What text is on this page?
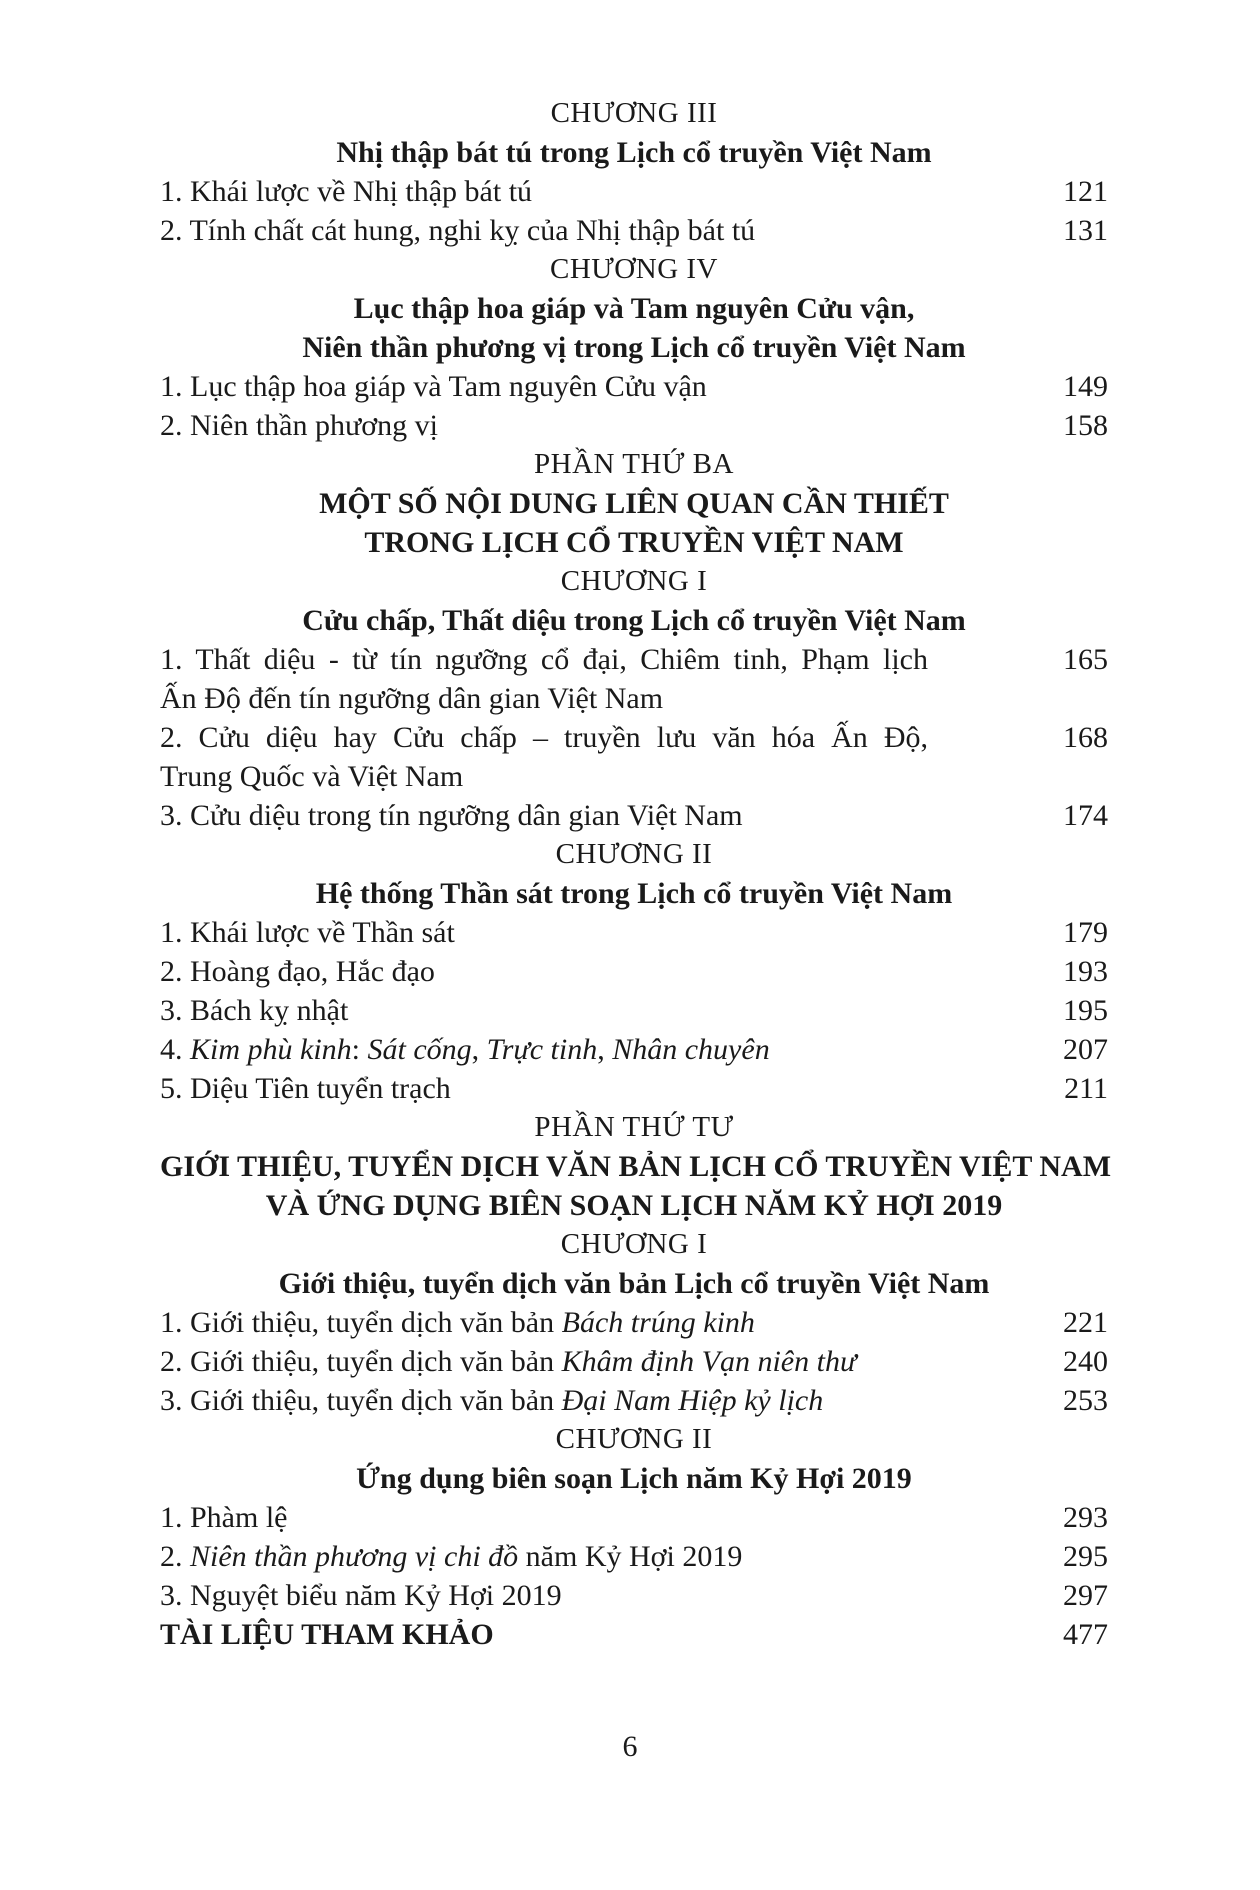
CHƯƠNG III
Nhị thập bát tú trong Lịch cổ truyền Việt Nam
1. Khái lược về Nhị thập bát tú	121
2. Tính chất cát hung, nghi kỵ của Nhị thập bát tú	131
CHƯƠNG IV
Lục thập hoa giáp và Tam nguyên Cửu vận,
Niên thần phương vị trong Lịch cổ truyền Việt Nam
1. Lục thập hoa giáp và Tam nguyên Cửu vận	149
2. Niên thần phương vị	158
PHẦN THỨ BA
MỘT SỐ NỘI DUNG LIÊN QUAN CẦN THIẾT
TRONG LỊCH CỔ TRUYỀN VIỆT NAM
CHƯƠNG I
Cửu chấp, Thất diệu trong Lịch cổ truyền Việt Nam
1. Thất diệu - từ tín ngưỡng cổ đại, Chiêm tinh, Phạm lịch	165
Ấn Độ đến tín ngưỡng dân gian Việt Nam
2. Cửu diệu hay Cửu chấp – truyền lưu văn hóa Ấn Độ,	168
Trung Quốc và Việt Nam
3. Cửu diệu trong tín ngưỡng dân gian Việt Nam	174
CHƯƠNG II
Hệ thống Thần sát trong Lịch cổ truyền Việt Nam
1. Khái lược về Thần sát	179
2. Hoàng đạo, Hắc đạo	193
3. Bách kỵ nhật	195
4. Kim phù kinh: Sát cống, Trực tinh, Nhân chuyên	207
5. Diệu Tiên tuyển trạch	211
PHẦN THỨ TƯ
GIỚI THIỆU, TUYỂN DỊCH VĂN BẢN LỊCH CỔ TRUYỀN VIỆT NAM
VÀ ỨNG DỤNG BIÊN SOẠN LỊCH NĂM KỶ HỢI 2019
CHƯƠNG I
Giới thiệu, tuyển dịch văn bản Lịch cổ truyền Việt Nam
1. Giới thiệu, tuyển dịch văn bản Bách trúng kinh	221
2. Giới thiệu, tuyển dịch văn bản Khâm định Vạn niên thư	240
3. Giới thiệu, tuyển dịch văn bản Đại Nam Hiệp kỷ lịch	253
CHƯƠNG II
Ứng dụng biên soạn Lịch năm Kỷ Hợi 2019
1. Phàm lệ	293
2. Niên thần phương vị chi đồ năm Kỷ Hợi 2019	295
3. Nguyệt biểu năm Kỷ Hợi 2019	297
TÀI LIỆU THAM KHẢO	477
6
